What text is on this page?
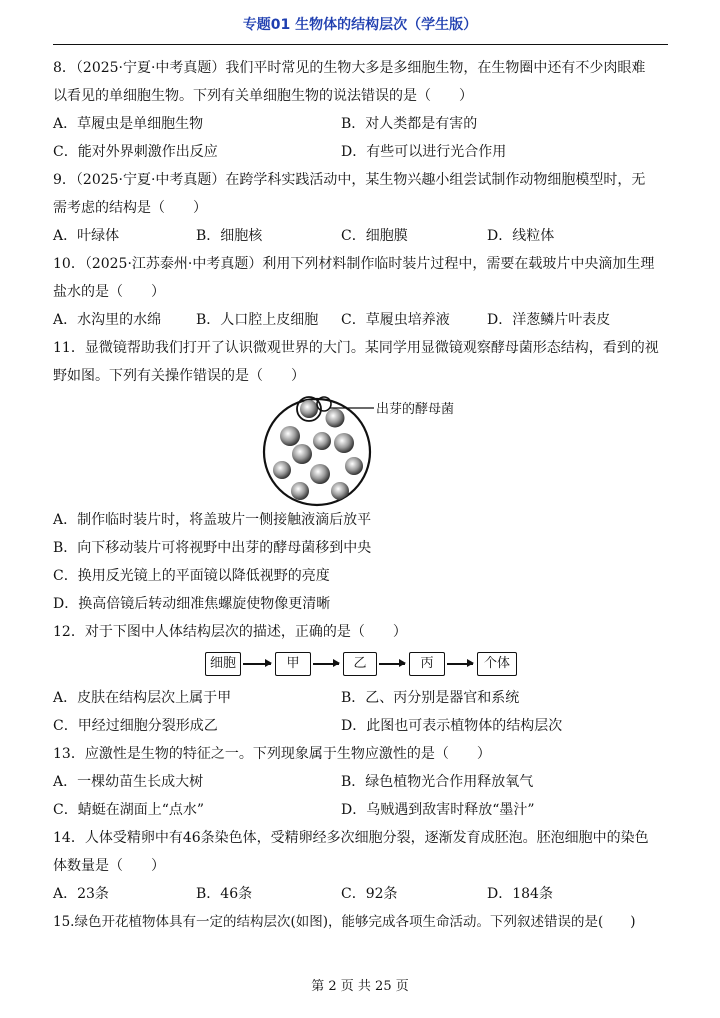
专题01 生物体的结构层次（学生版）
8．（2025·宁夏·中考真题）我们平时常见的生物大多是多细胞生物，在生物圈中还有不少肉眼难
以看见的单细胞生物。下列有关单细胞生物的说法错误的是（　　）
A．草履虫是单细胞生物	B．对人类都是有害的
C．能对外界刺激作出反应	D．有些可以进行光合作用
9．（2025·宁夏·中考真题）在跨学科实践活动中，某生物兴趣小组尝试制作动物细胞模型时，无
需考虑的结构是（　　）
A．叶绿体	B．细胞核	C．细胞膜	D．线粒体
10．（2025·江苏泰州·中考真题）利用下列材料制作临时装片过程中，需要在载玻片中央滴加生理
盐水的是（　　）
A．水沟里的水绵 B．人口腔上皮细胞 C．草履虫培养液	D．洋葱鳞片叶表皮
11．显微镜帮助我们打开了认识微观世界的大门。某同学用显微镜观察酵母菌形态结构，看到的视
野如图。下列有关操作错误的是（　　）
出芽的酵母菌
A．制作临时装片时，将盖玻片一侧接触液滴后放平
B．向下移动装片可将视野中出芽的酵母菌移到中央
C．换用反光镜上的平面镜以降低视野的亮度
D．换高倍镜后转动细准焦螺旋使物像更清晰
12．对于下图中人体结构层次的描述，正确的是（　　）
细胞	甲	乙	丙	个体
A．皮肤在结构层次上属于甲	B．乙、丙分别是器官和系统
C．甲经过细胞分裂形成乙	D．此图也可表示植物体的结构层次
13．应激性是生物的特征之一。下列现象属于生物应激性的是（　　）
A．一棵幼苗生长成大树	B．绿色植物光合作用释放氧气
C．蜻蜓在湖面上“点水”	D．乌贼遇到敌害时释放“墨汁”
14．人体受精卵中有46条染色体，受精卵经多次细胞分裂，逐渐发育成胚泡。胚泡细胞中的染色
体数量是（　　）
A．23条	B．46条	C．92条	D．184条
15.绿色开花植物体具有一定的结构层次(如图)，能够完成各项生命活动。下列叙述错误的是(　　)
第 2 页 共 25 页
